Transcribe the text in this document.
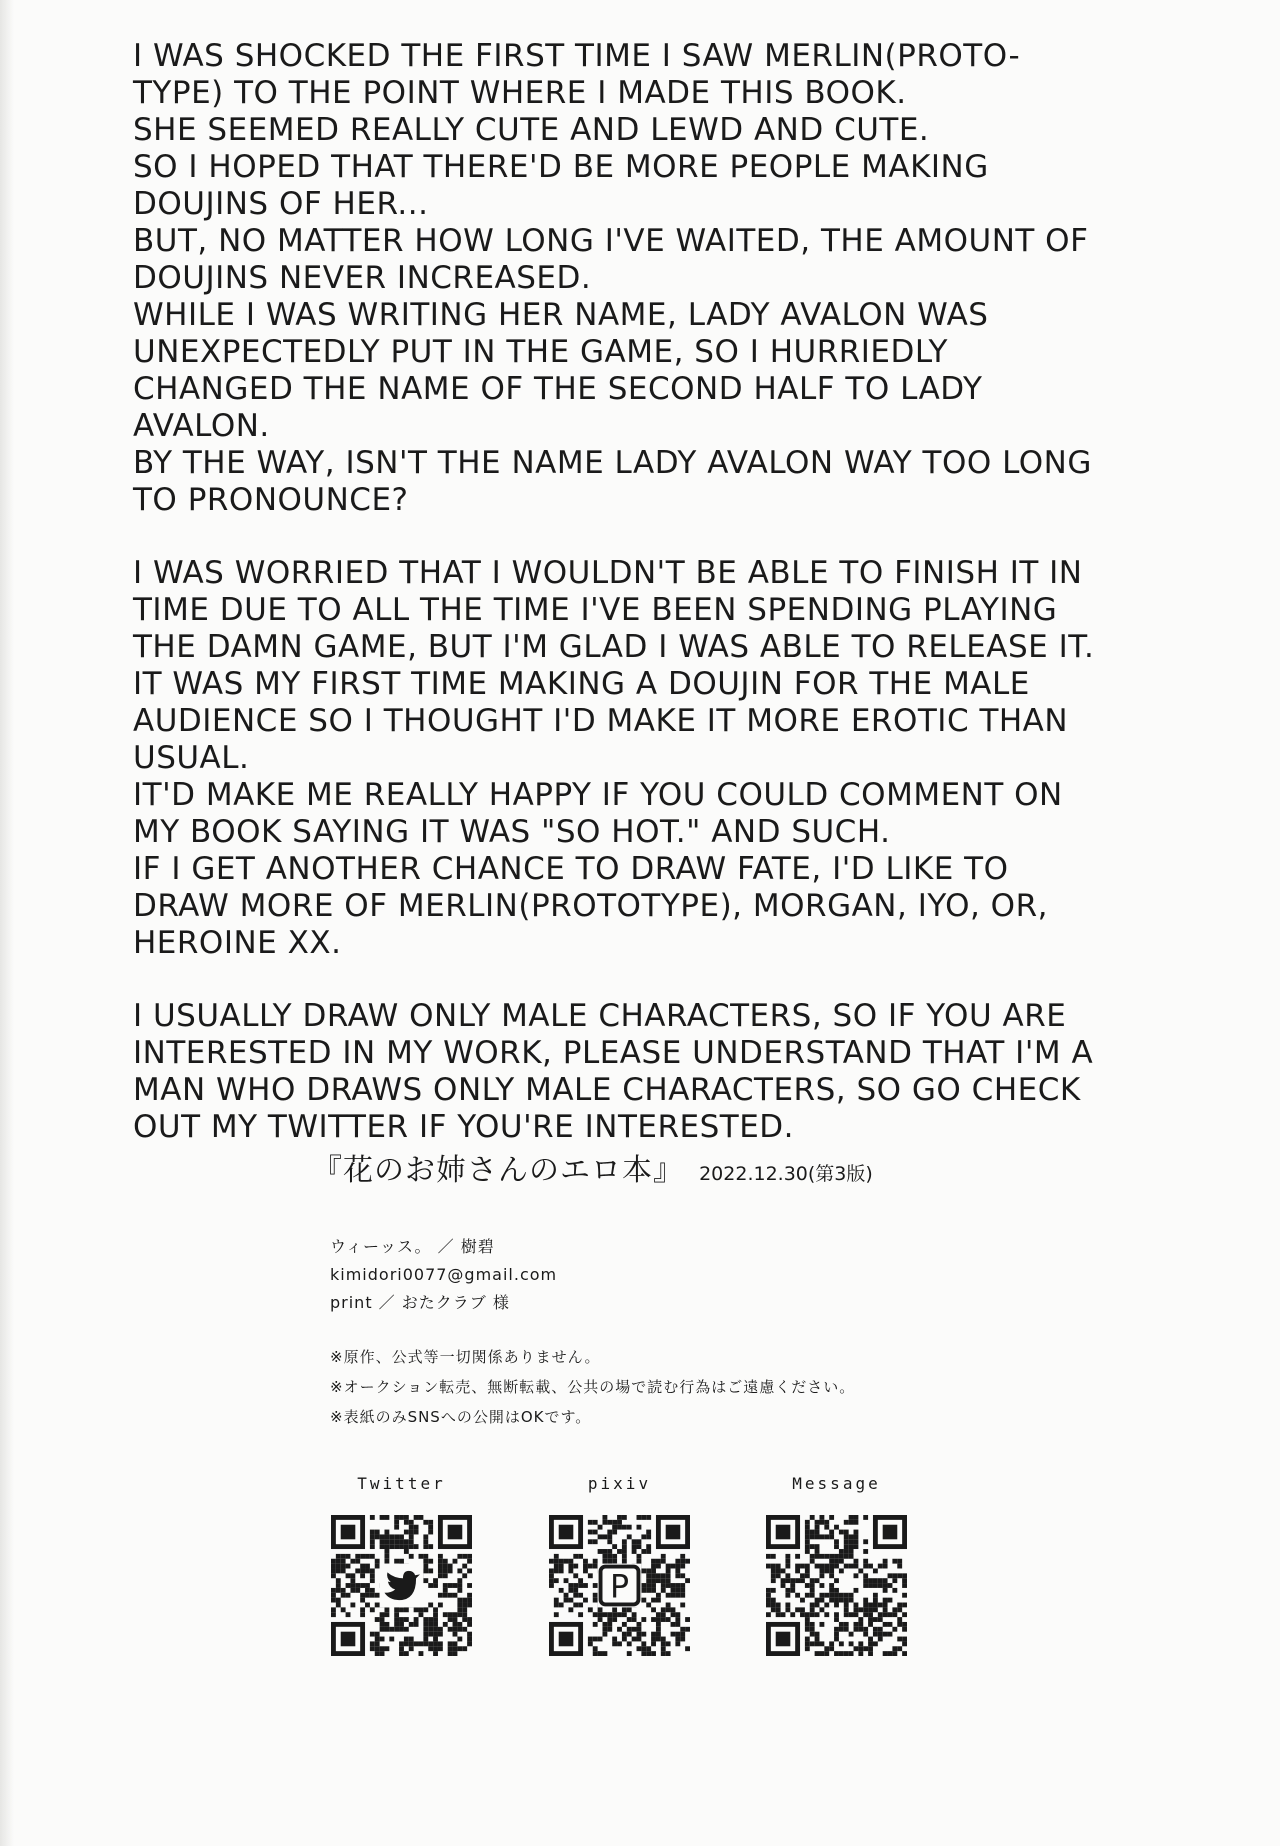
I WAS SHOCKED THE FIRST TIME I SAW MERLIN(PROTO-
TYPE) TO THE POINT WHERE I MADE THIS BOOK.
SHE SEEMED REALLY CUTE AND LEWD AND CUTE.
SO I HOPED THAT THERE'D BE MORE PEOPLE MAKING
DOUJINS OF HER...
BUT, NO MATTER HOW LONG I'VE WAITED, THE AMOUNT OF
DOUJINS NEVER INCREASED.
WHILE I WAS WRITING HER NAME, LADY AVALON WAS
UNEXPECTEDLY PUT IN THE GAME, SO I HURRIEDLY
CHANGED THE NAME OF THE SECOND HALF TO LADY
AVALON.
BY THE WAY, ISN'T THE NAME LADY AVALON WAY TOO LONG
TO PRONOUNCE?
I WAS WORRIED THAT I WOULDN'T BE ABLE TO FINISH IT IN
TIME DUE TO ALL THE TIME I'VE BEEN SPENDING PLAYING
THE DAMN GAME, BUT I'M GLAD I WAS ABLE TO RELEASE IT.
IT WAS MY FIRST TIME MAKING A DOUJIN FOR THE MALE
AUDIENCE SO I THOUGHT I'D MAKE IT MORE EROTIC THAN
USUAL.
IT'D MAKE ME REALLY HAPPY IF YOU COULD COMMENT ON
MY BOOK SAYING IT WAS "SO HOT." AND SUCH.
IF I GET ANOTHER CHANCE TO DRAW FATE, I'D LIKE TO
DRAW MORE OF MERLIN(PROTOTYPE), MORGAN, IYO, OR,
HEROINE XX.
I USUALLY DRAW ONLY MALE CHARACTERS, SO IF YOU ARE
INTERESTED IN MY WORK, PLEASE UNDERSTAND THAT I'M A
MAN WHO DRAWS ONLY MALE CHARACTERS, SO GO CHECK
OUT MY TWITTER IF YOU'RE INTERESTED.
『花のお姉さんのエロ本』 2022.12.30(第3版)
ウィーッス。 ／ 樹碧
kimidori0077@gmail.com
print ／ おたクラブ 様
※原作、公式等一切関係ありません。
※オークション転売、無断転載、公共の場で読む行為はご遠慮ください。
※表紙のみSNSへの公開はOKです。
Twitter	pixiv
P
Message
